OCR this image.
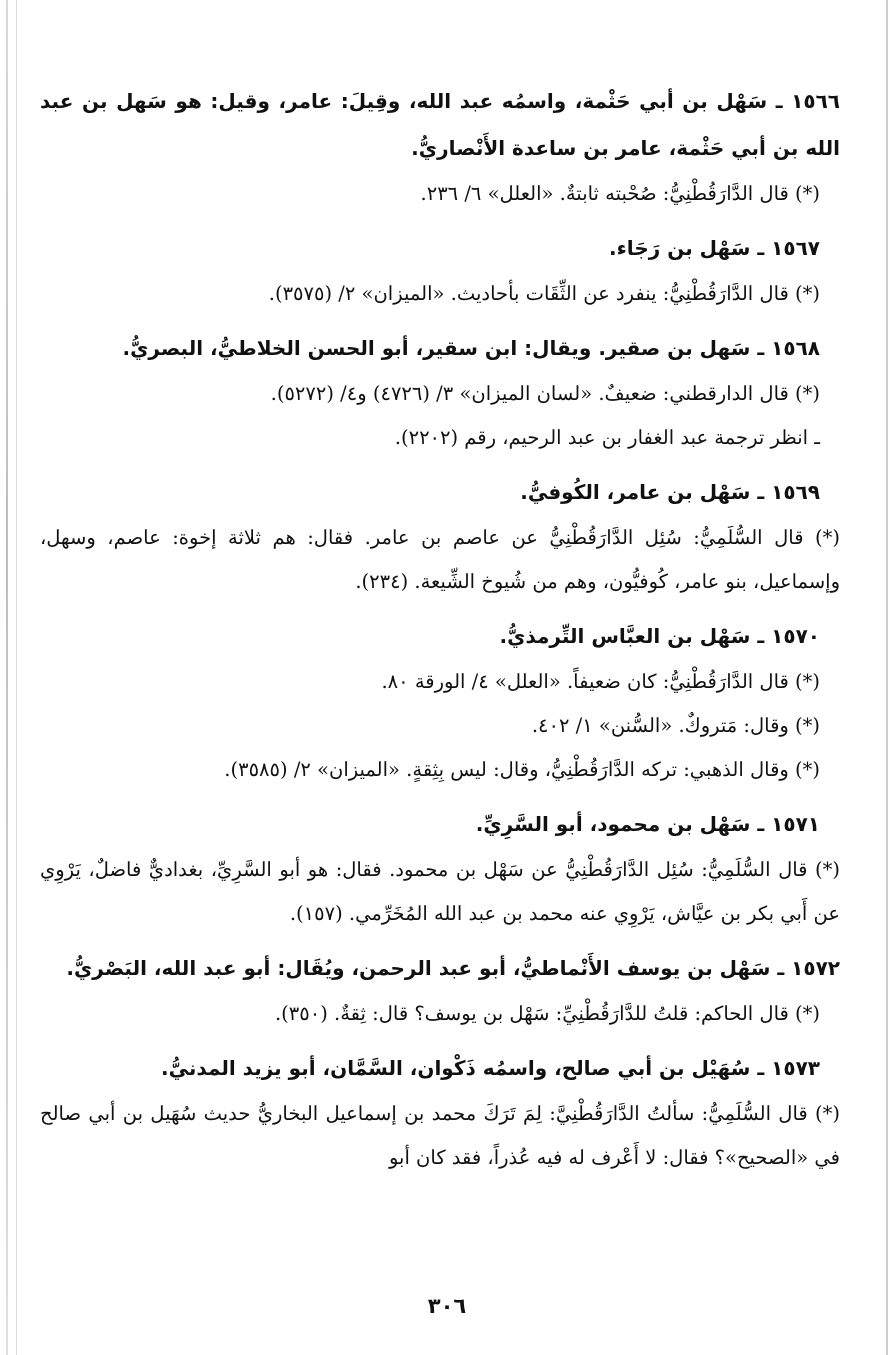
١٥٦٦ ـ سَهْل بن أبي حَثْمة، واسمُه عبد الله، وقِيلَ: عامر، وقيل: هو سَهل بن عبد الله بن أبي حَثْمة، عامر بن ساعدة الأَنْصاريُّ.
(*) قال الدَّارَقُطْنِيُّ: صُحْبته ثابتةٌ. «العلل» ٦/ ٢٣٦.
١٥٦٧ ـ سَهْل بن رَجَاء.
(*) قال الدَّارَقُطْنِيُّ: ينفرد عن الثِّقَات بأحاديث. «الميزان» ٢/ (٣٥٧٥).
١٥٦٨ ـ سَهل بن صقير. ويقال: ابن سقير، أبو الحسن الخلاطيُّ، البصريُّ.
(*) قال الدارقطني: ضعيفٌ. «لسان الميزان» ٣/ (٤٧٢٦) و٤/ (٥٢٧٢).
ـ انظر ترجمة عبد الغفار بن عبد الرحيم، رقم (٢٢٠٢).
١٥٦٩ ـ سَهْل بن عامر، الكُوفيُّ.
(*) قال السُّلَمِيُّ: سُئِل الدَّارَقُطْنِيُّ عن عاصم بن عامر. فقال: هم ثلاثة إخوة: عاصم، وسهل، وإسماعيل، بنو عامر، كُوفيُّون، وهم من شُيوخ الشِّيعة. (٢٣٤).
١٥٧٠ ـ سَهْل بن العبَّاس التِّرمذيُّ.
(*) قال الدَّارَقُطْنِيُّ: كان ضعيفاً. «العلل» ٤/ الورقة ٨٠.
(*) وقال: مَتروكٌ. «السُّنن» ١/ ٤٠٢.
(*) وقال الذهبي: تركه الدَّارَقُطْنِيُّ، وقال: ليس بِثِقةٍ. «الميزان» ٢/ (٣٥٨٥).
١٥٧١ ـ سَهْل بن محمود، أبو السَّرِيِّ.
(*) قال السُّلَمِيُّ: سُئِل الدَّارَقُطْنِيُّ عن سَهْل بن محمود. فقال: هو أبو السَّرِيِّ، بغداديٌّ فاضلٌ، يَرْوِي عن أَبي بكر بن عيَّاش، يَرْوِي عنه محمد بن عبد الله المُخَرِّمي. (١٥٧).
١٥٧٢ ـ سَهْل بن يوسف الأَنْماطيُّ، أبو عبد الرحمن، ويُقَال: أبو عبد الله، البَصْريُّ.
(*) قال الحاكم: قلتُ للدَّارَقُطْنِيِّ: سَهْل بن يوسف؟ قال: ثِقةٌ. (٣٥٠).
١٥٧٣ ـ سُهَيْل بن أبي صالح، واسمُه ذَكْوان، السَّمَّان، أبو يزيد المدنيُّ.
(*) قال السُّلَمِيُّ: سألتُ الدَّارَقُطْنِيَّ: لِمَ تَرَكَ محمد بن إسماعيل البخاريُّ حديث سُهَيل بن أبي صالح في «الصحيح»؟ فقال: لا أَعْرف له فيه عُذراً، فقد كان أبو
٣٠٦
